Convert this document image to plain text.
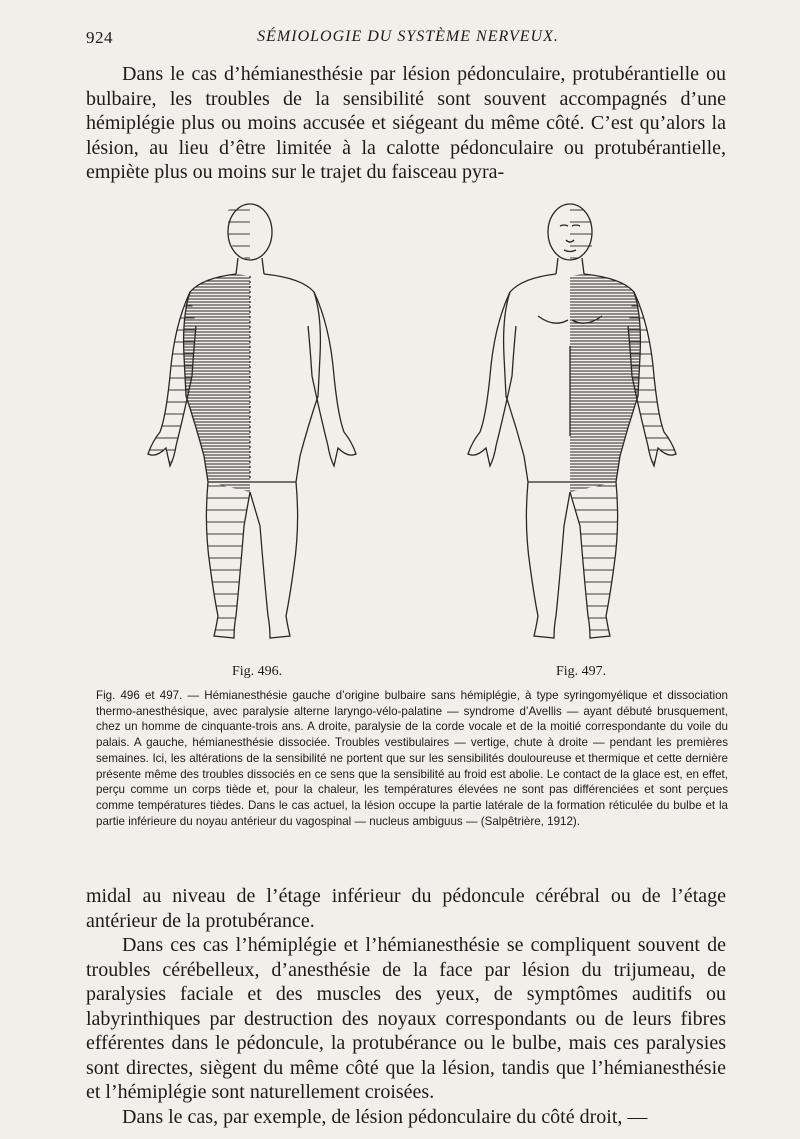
924	SÉMIOLOGIE DU SYSTÈME NERVEUX.

Dans le cas d’hémianesthésie par lésion pédonculaire, protubérantielle ou bulbaire, les troubles de la sensibilité sont souvent accompagnés d’une hémiplégie plus ou moins accusée et siégeant du même côté. C’est qu’alors la lésion, au lieu d’être limitée à la calotte pédonculaire ou protubérantielle, empiète plus ou moins sur le trajet du faisceau pyra-

Fig. 496.	Fig. 497.

Fig. 496 et 497. — Hémianesthésie gauche d’origine bulbaire sans hémiplégie, à type syringomyélique et dissociation thermo-anesthésique, avec paralysie alterne laryngo-vélo-palatine — syndrome d’Avellis — ayant débuté brusquement, chez un homme de cinquante-trois ans. A droite, paralysie de la corde vocale et de la moitié correspondante du voile du palais. A gauche, hémianesthésie dissociée. Troubles vestibulaires — vertige, chute à droite — pendant les premières semaines. Ici, les altérations de la sensibilité ne portent que sur les sensibilités douloureuse et thermique et cette dernière présente même des troubles dissociés en ce sens que la sensibilité au froid est abolie. Le contact de la glace est, en effet, perçu comme un corps tiède et, pour la chaleur, les températures élevées ne sont pas différenciées et sont perçues comme températures tièdes. Dans le cas actuel, la lésion occupe la partie latérale de la formation réticulée du bulbe et la partie inférieure du noyau antérieur du vagospinal — nucleus ambiguus — (Salpêtrière, 1912).

midal au niveau de l’étage inférieur du pédoncule cérébral ou de l’étage antérieur de la protubérance.

Dans ces cas l’hémiplégie et l’hémianesthésie se compliquent souvent de troubles cérébelleux, d’anesthésie de la face par lésion du trijumeau, de paralysies faciale et des muscles des yeux, de symptômes auditifs ou labyrinthiques par destruction des noyaux correspondants ou de leurs fibres efférentes dans le pédoncule, la protubérance ou le bulbe, mais ces paralysies sont directes, siègent du même côté que la lésion, tandis que l’hémianesthésie et l’hémiplégie sont naturellement croisées.

Dans le cas, par exemple, de lésion pédonculaire du côté droit, —
